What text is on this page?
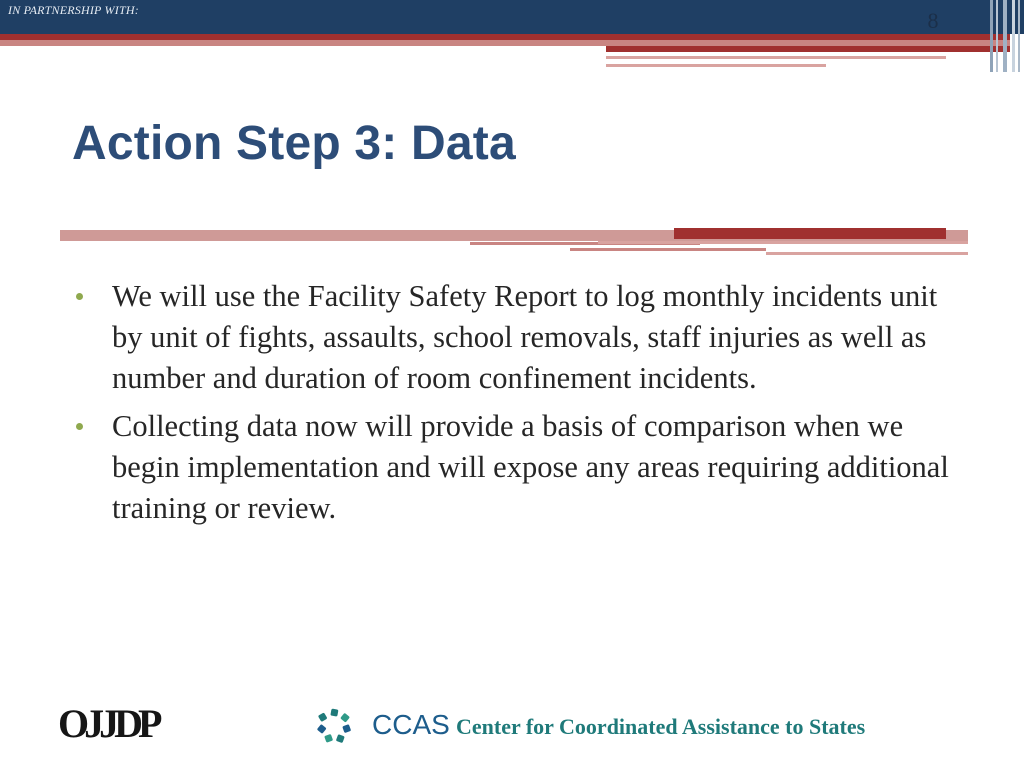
IN PARTNERSHIP WITH:	8
Action Step 3: Data
We will use the Facility Safety Report to log monthly incidents unit by unit of fights, assaults, school removals, staff injuries as well as number and duration of room confinement incidents.
Collecting data now will provide a basis of comparison when we begin implementation and will expose any areas requiring additional training or review.
OJJDP	CCAS Center for Coordinated Assistance to States
